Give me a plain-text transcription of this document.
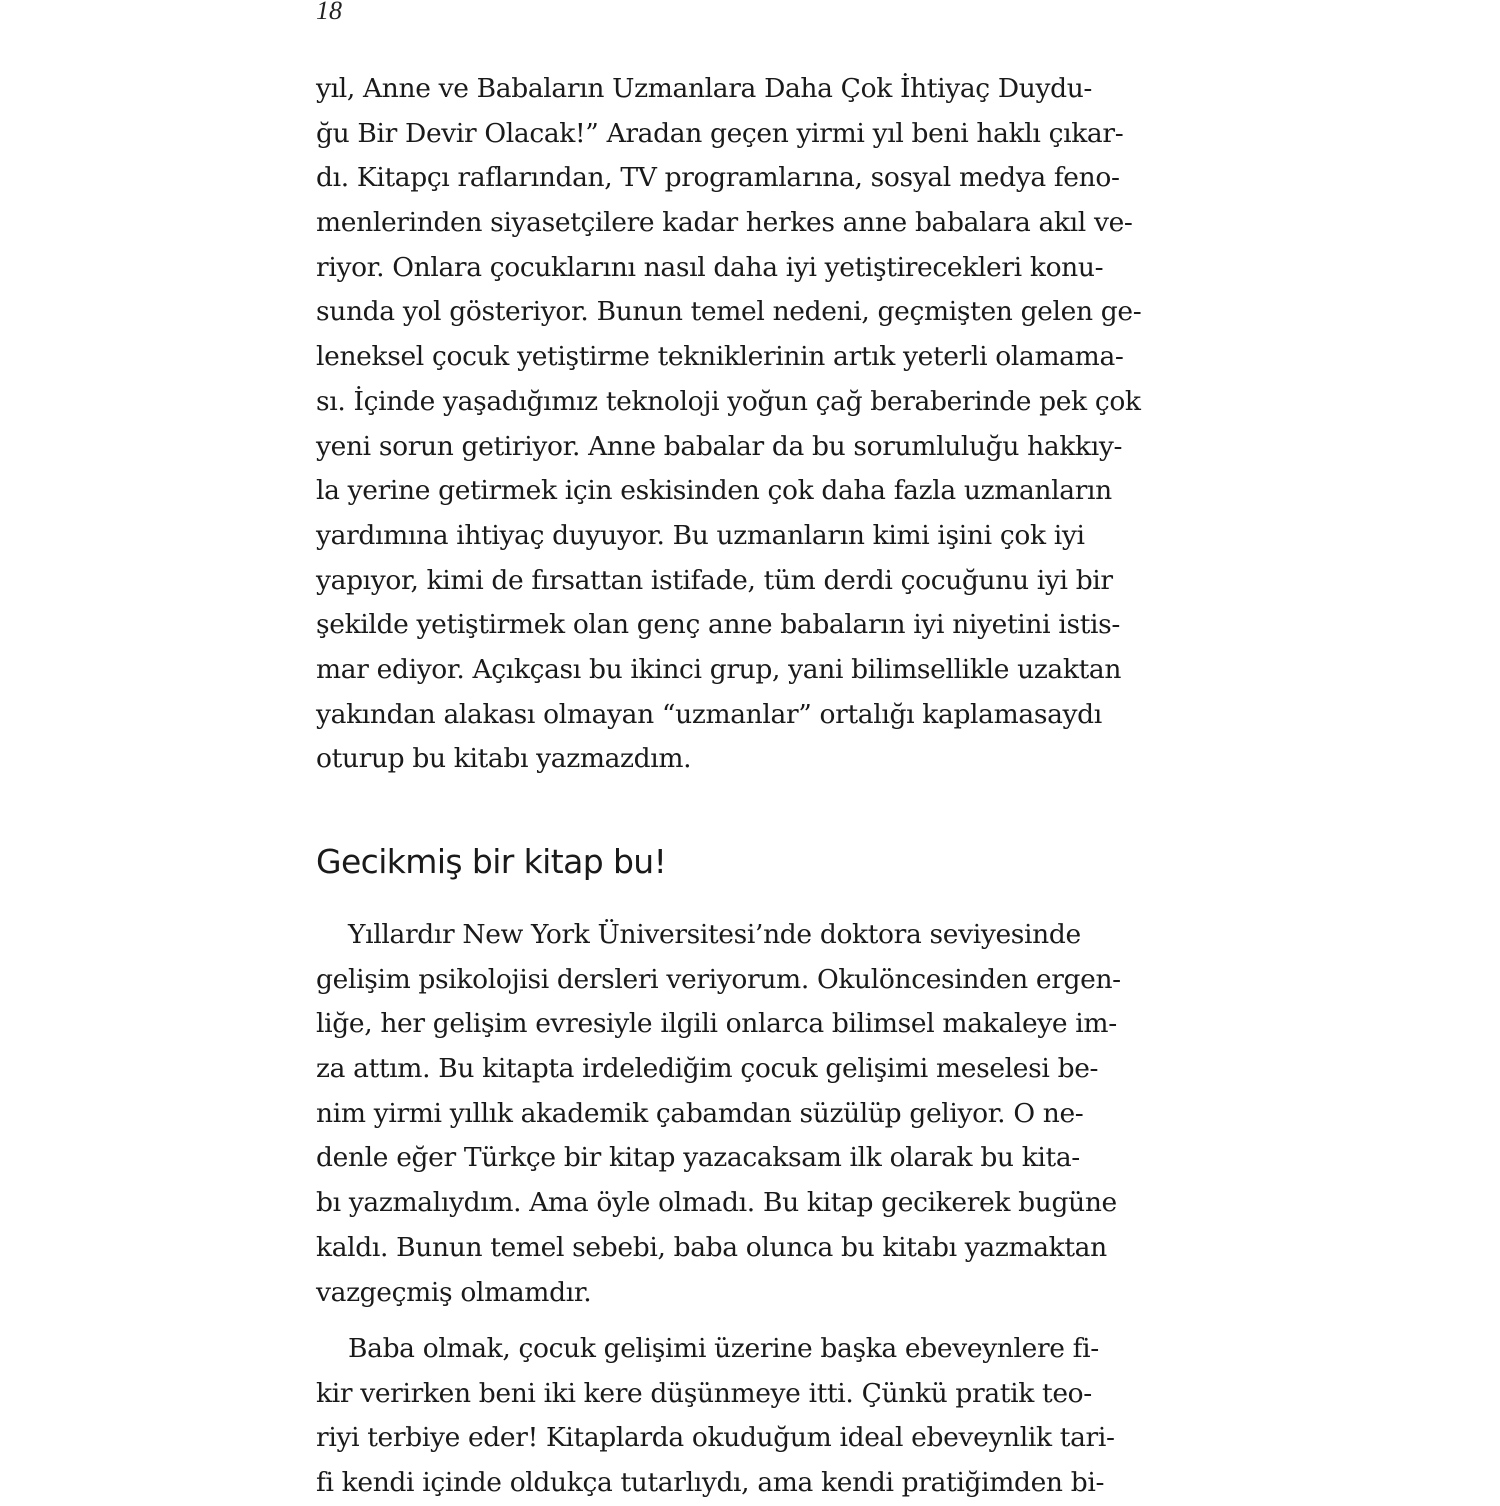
18
yıl, Anne ve Babaların Uzmanlara Daha Çok İhtiyaç Duydu-
ğu Bir Devir Olacak!” Aradan geçen yirmi yıl beni haklı çıkar-
dı. Kitapçı raflarından, TV programlarına, sosyal medya feno-
menlerinden siyasetçilere kadar herkes anne babalara akıl ve-
riyor. Onlara çocuklarını nasıl daha iyi yetiştirecekleri konu-
sunda yol gösteriyor. Bunun temel nedeni, geçmişten gelen ge-
leneksel çocuk yetiştirme tekniklerinin artık yeterli olamama-
sı. İçinde yaşadığımız teknoloji yoğun çağ beraberinde pek çok
yeni sorun getiriyor. Anne babalar da bu sorumluluğu hakkıy-
la yerine getirmek için eskisinden çok daha fazla uzmanların
yardımına ihtiyaç duyuyor. Bu uzmanların kimi işini çok iyi
yapıyor, kimi de fırsattan istifade, tüm derdi çocuğunu iyi bir
şekilde yetiştirmek olan genç anne babaların iyi niyetini istis-
mar ediyor. Açıkçası bu ikinci grup, yani bilimsellikle uzaktan
yakından alakası olmayan “uzmanlar” ortalığı kaplamasaydı
oturup bu kitabı yazmazdım.
Gecikmiş bir kitap bu!
Yıllardır New York Üniversitesi’nde doktora seviyesinde
gelişim psikolojisi dersleri veriyorum. Okulöncesinden ergen-
liğe, her gelişim evresiyle ilgili onlarca bilimsel makaleye im-
za attım. Bu kitapta irdelediğim çocuk gelişimi meselesi be-
nim yirmi yıllık akademik çabamdan süzülüp geliyor. O ne-
denle eğer Türkçe bir kitap yazacaksam ilk olarak bu kita-
bı yazmalıydım. Ama öyle olmadı. Bu kitap gecikerek bugüne
kaldı. Bunun temel sebebi, baba olunca bu kitabı yazmaktan
vazgeçmiş olmamdır.
Baba olmak, çocuk gelişimi üzerine başka ebeveynlere fi-
kir verirken beni iki kere düşünmeye itti. Çünkü pratik teo-
riyi terbiye eder! Kitaplarda okuduğum ideal ebeveynlik tari-
fi kendi içinde oldukça tutarlıydı, ama kendi pratiğimden bi-
